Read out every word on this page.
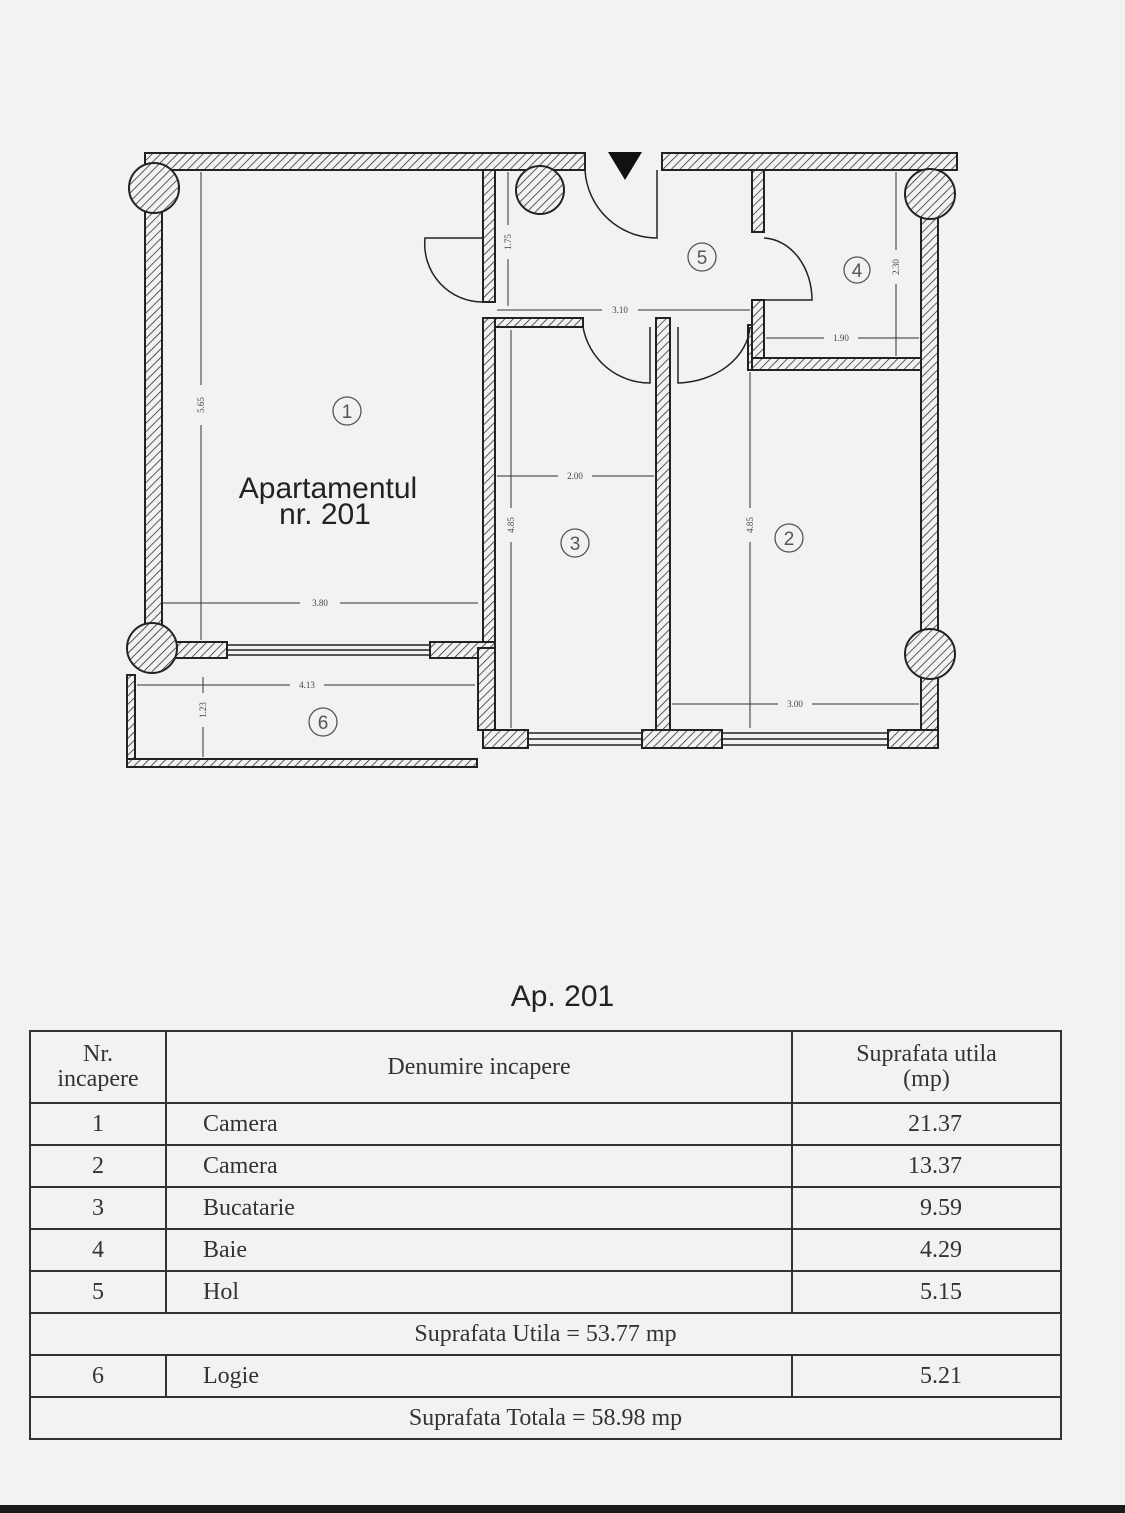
3.80
5.65
3.10
1.75
1.90
2.30
2.00
4.85	4.85
3.00
4.13
1.23
1
2
3
4
5
6
Apartamentul
nr. 201
Ap. 201
Nr.
incapere	Denumire incapere	Suprafata utila
(mp)
1	Camera	21.37
2	Camera	13.37
3	Bucatarie	9.59
4	Baie	4.29
5	Hol	5.15
Suprafata Utila = 53.77 mp		
6	Logie	5.21
Suprafata Totala = 58.98 mp		
